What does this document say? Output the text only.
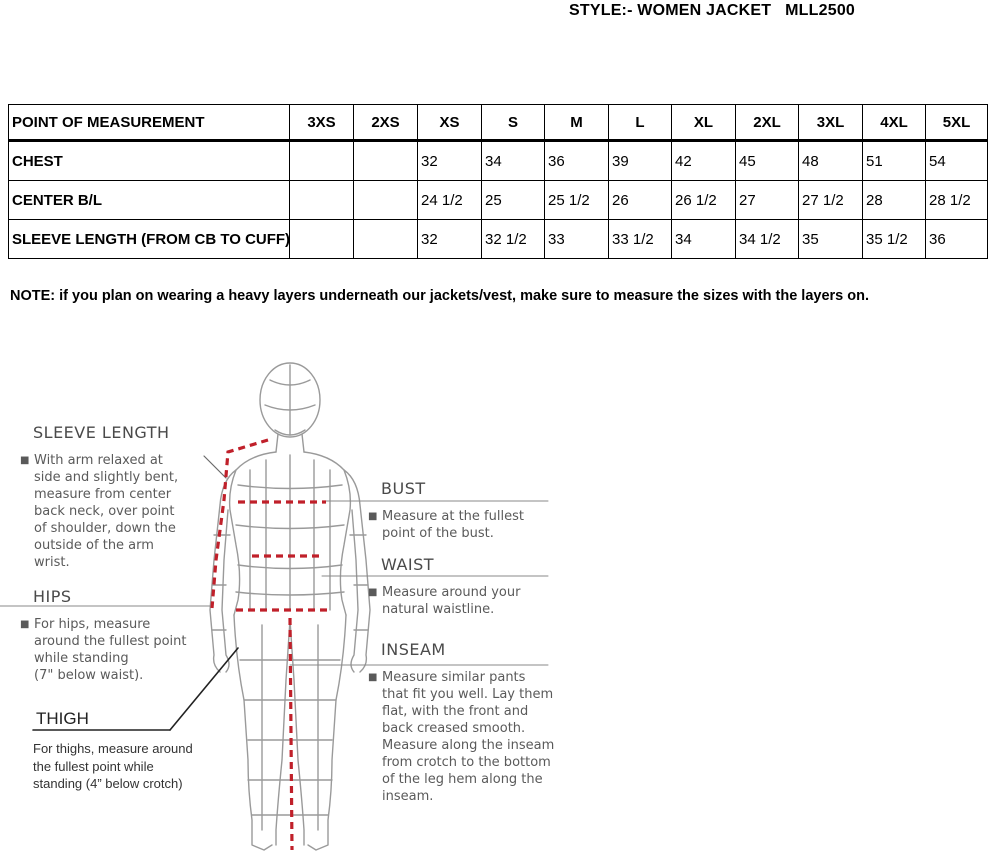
STYLE:- WOMEN JACKET   MLL2500
POINT OF MEASUREMENT	3XS	2XS	XS	S	M	L	XL	2XL	3XL	4XL	5XL
CHEST			32	34	36	39	42	45	48	51	54
CENTER B/L			24 1/2	25	25 1/2	26	26 1/2	27	27 1/2	28	28 1/2
SLEEVE LENGTH (FROM CB TO CUFF)			32	32 1/2	33	33 1/2	34	34 1/2	35	35 1/2	36
NOTE: if you plan on wearing a heavy layers underneath our jackets/vest, make sure to measure the sizes with the layers on.
SLEEVE LENGTH
■ With arm relaxed at
side and slightly bent,
measure from center
back neck, over point
of shoulder, down the
outside of the arm
wrist.
HIPS
■ For hips, measure
around the fullest point
while standing
(7" below waist).
THIGH
For thighs, measure around
the fullest point while
standing (4” below crotch)
BUST
■ Measure at the fullest
point of the bust.
WAIST
■ Measure around your
natural waistline.
INSEAM
■ Measure similar pants
that fit you well. Lay them
flat, with the front and
back creased smooth.
Measure along the inseam
from crotch to the bottom
of the leg hem along the
inseam.
